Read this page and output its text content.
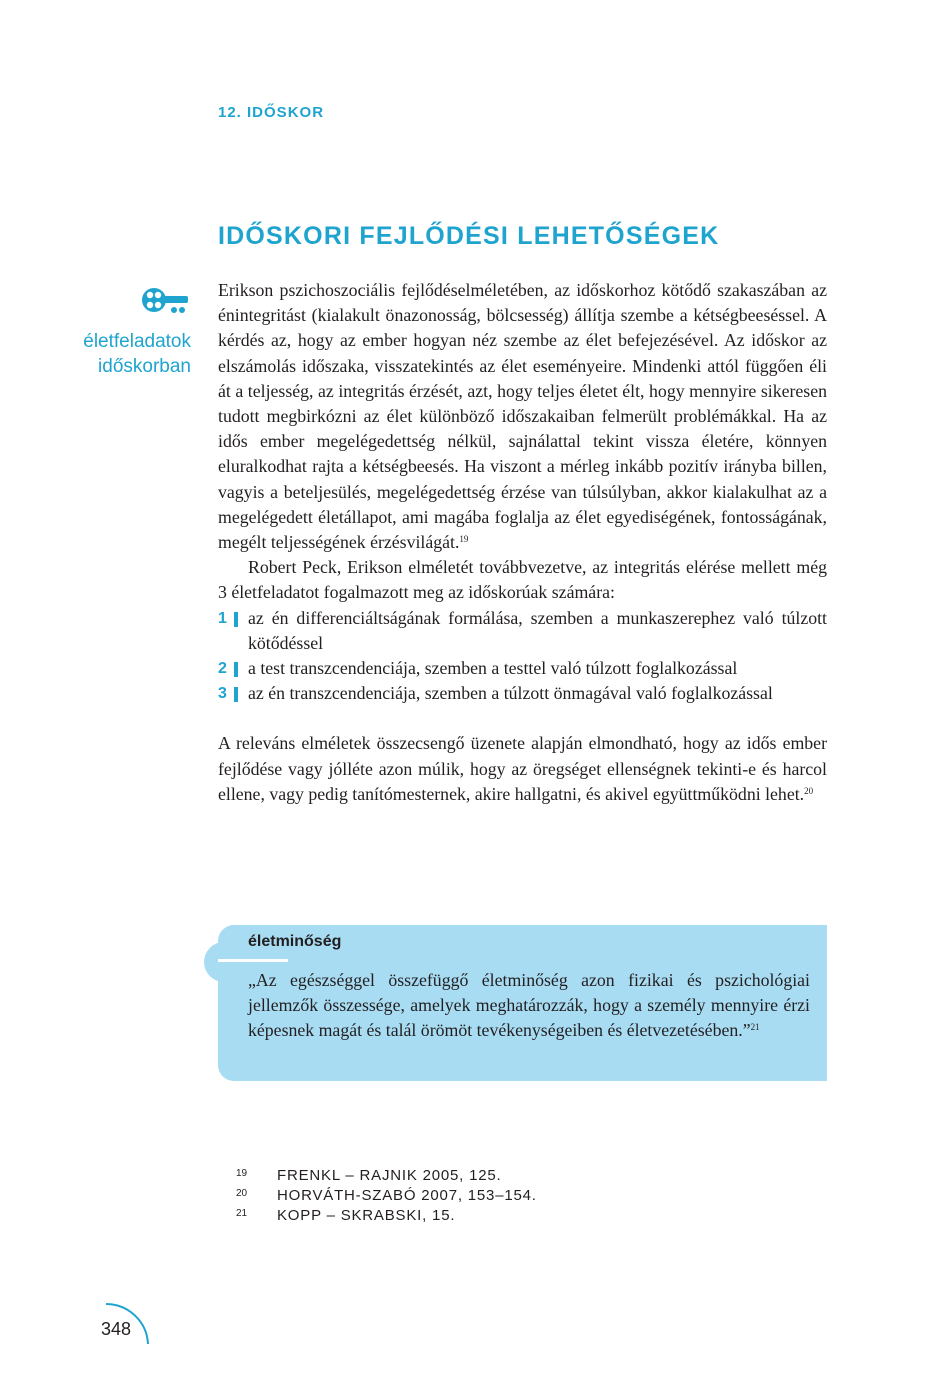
12. IDŐSKOR
IDŐSKORI FEJLŐDÉSI LEHETŐSÉGEK
életfeladatok
időskorban

Erikson pszichoszociális fejlődéselméletében, az időskorhoz kötődő szakaszában az énintegritást (kialakult önazonosság, bölcsesség) állítja szembe a kétségbeeséssel. A kérdés az, hogy az ember hogyan néz szembe az élet befejezésével. Az időskor az elszámolás időszaka, visszatekintés az élet eseményeire. Mindenki attól függően éli át a teljesség, az integritás érzését, azt, hogy teljes életet élt, hogy mennyire sikeresen tudott megbirkózni az élet különböző időszakaiban felmerült problémákkal. Ha az idős ember megelégedettség nélkül, sajnálattal tekint vissza életére, könnyen eluralkodhat rajta a kétségbeesés. Ha viszont a mérleg inkább pozitív irányba billen, vagyis a beteljesülés, megelégedettség érzése van túlsúlyban, akkor kialakulhat az a megelégedett életállapot, ami magába foglalja az élet egyediségének, fontosságának, megélt teljességének érzésvilágát.$^{19}$

Robert Peck, Erikson elméletét továbbvezetve, az integritás elérése mellett még 3 életfeladatot fogalmazott meg az időskorúak számára:

1 az én differenciáltságának formálása, szemben a munkaszerephez való túlzott kötődéssel
2 a test transzcendenciája, szemben a testtel való túlzott foglalkozással
3 az én transzcendenciája, szemben a túlzott önmagával való foglalkozással

A releváns elméletek összecsengő üzenete alapján elmondható, hogy az idős ember fejlődése vagy jólléte azon múlik, hogy az öregséget ellenségnek tekinti-e és harcol ellene, vagy pedig tanítómesternek, akire hallgatni, és akivel együttműködni lehet.$^{20}$

életminőség
„Az egészséggel összefüggő életminőség azon fizikai és pszichológiai jellemzők összessége, amelyek meghatározzák, hogy a személy mennyire érzi képesnek magát és talál örömöt tevékenységeiben és életvezetésében.”$^{21}$
19 FRENKL – RAJNIK 2005, 125.
20 HORVÁTH-SZABÓ 2007, 153–154.
21 KOPP – SKRABSKI, 15.
348
